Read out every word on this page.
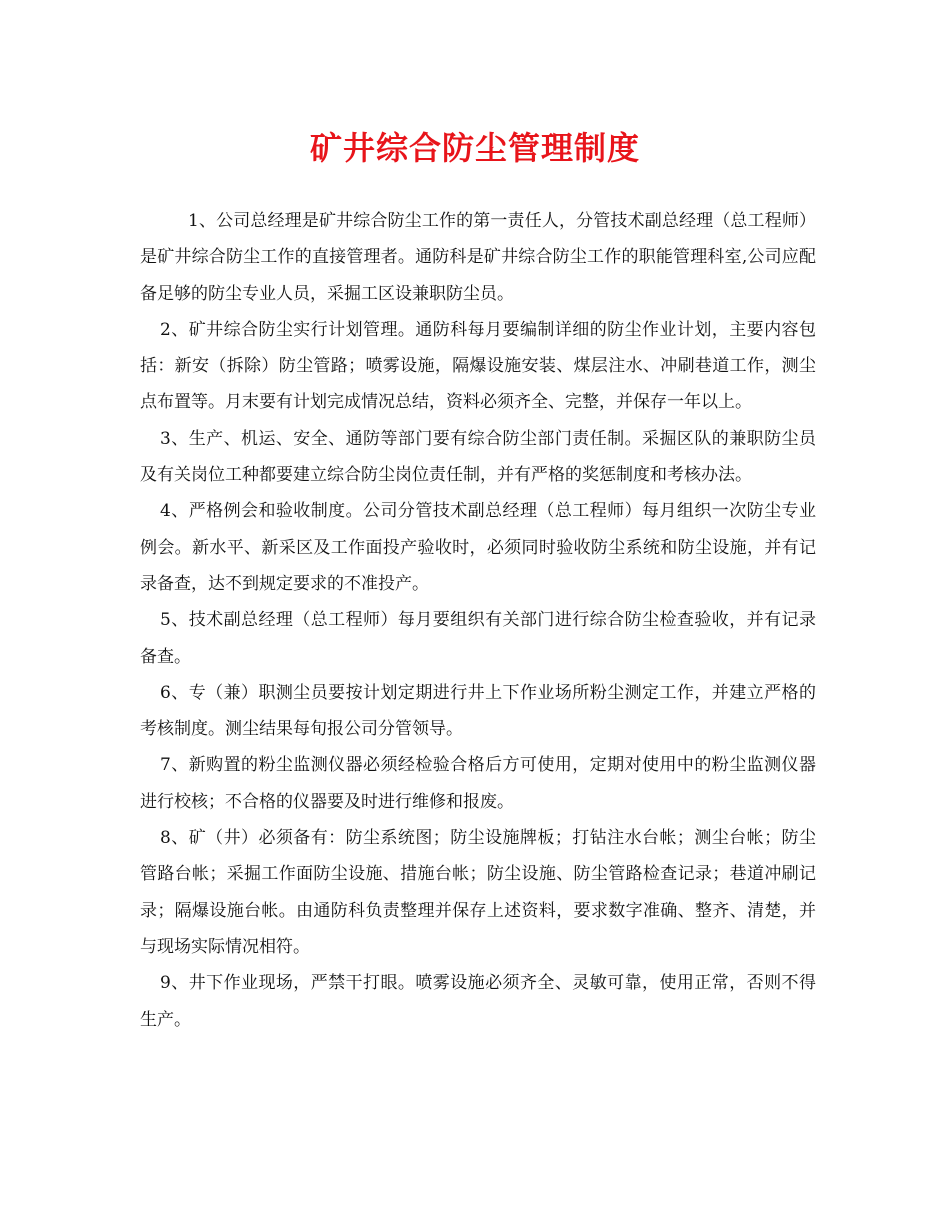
矿井综合防尘管理制度

1、公司总经理是矿井综合防尘工作的第一责任人，分管技术副总经理（总工程师）是矿井综合防尘工作的直接管理者。通防科是矿井综合防尘工作的职能管理科室,公司应配备足够的防尘专业人员，采掘工区设兼职防尘员。

2、矿井综合防尘实行计划管理。通防科每月要编制详细的防尘作业计划，主要内容包括：新安（拆除）防尘管路；喷雾设施，隔爆设施安装、煤层注水、冲刷巷道工作，测尘点布置等。月末要有计划完成情况总结，资料必须齐全、完整，并保存一年以上。

3、生产、机运、安全、通防等部门要有综合防尘部门责任制。采掘区队的兼职防尘员及有关岗位工种都要建立综合防尘岗位责任制，并有严格的奖惩制度和考核办法。

4、严格例会和验收制度。公司分管技术副总经理（总工程师）每月组织一次防尘专业例会。新水平、新采区及工作面投产验收时，必须同时验收防尘系统和防尘设施，并有记录备查，达不到规定要求的不准投产。

5、技术副总经理（总工程师）每月要组织有关部门进行综合防尘检查验收，并有记录备查。

6、专（兼）职测尘员要按计划定期进行井上下作业场所粉尘测定工作，并建立严格的考核制度。测尘结果每旬报公司分管领导。

7、新购置的粉尘监测仪器必须经检验合格后方可使用，定期对使用中的粉尘监测仪器进行校核；不合格的仪器要及时进行维修和报废。

8、矿（井）必须备有：防尘系统图；防尘设施牌板；打钻注水台帐；测尘台帐；防尘管路台帐；采掘工作面防尘设施、措施台帐；防尘设施、防尘管路检查记录；巷道冲刷记录；隔爆设施台帐。由通防科负责整理并保存上述资料，要求数字准确、整齐、清楚，并与现场实际情况相符。

9、井下作业现场，严禁干打眼。喷雾设施必须齐全、灵敏可靠，使用正常，否则不得生产。
